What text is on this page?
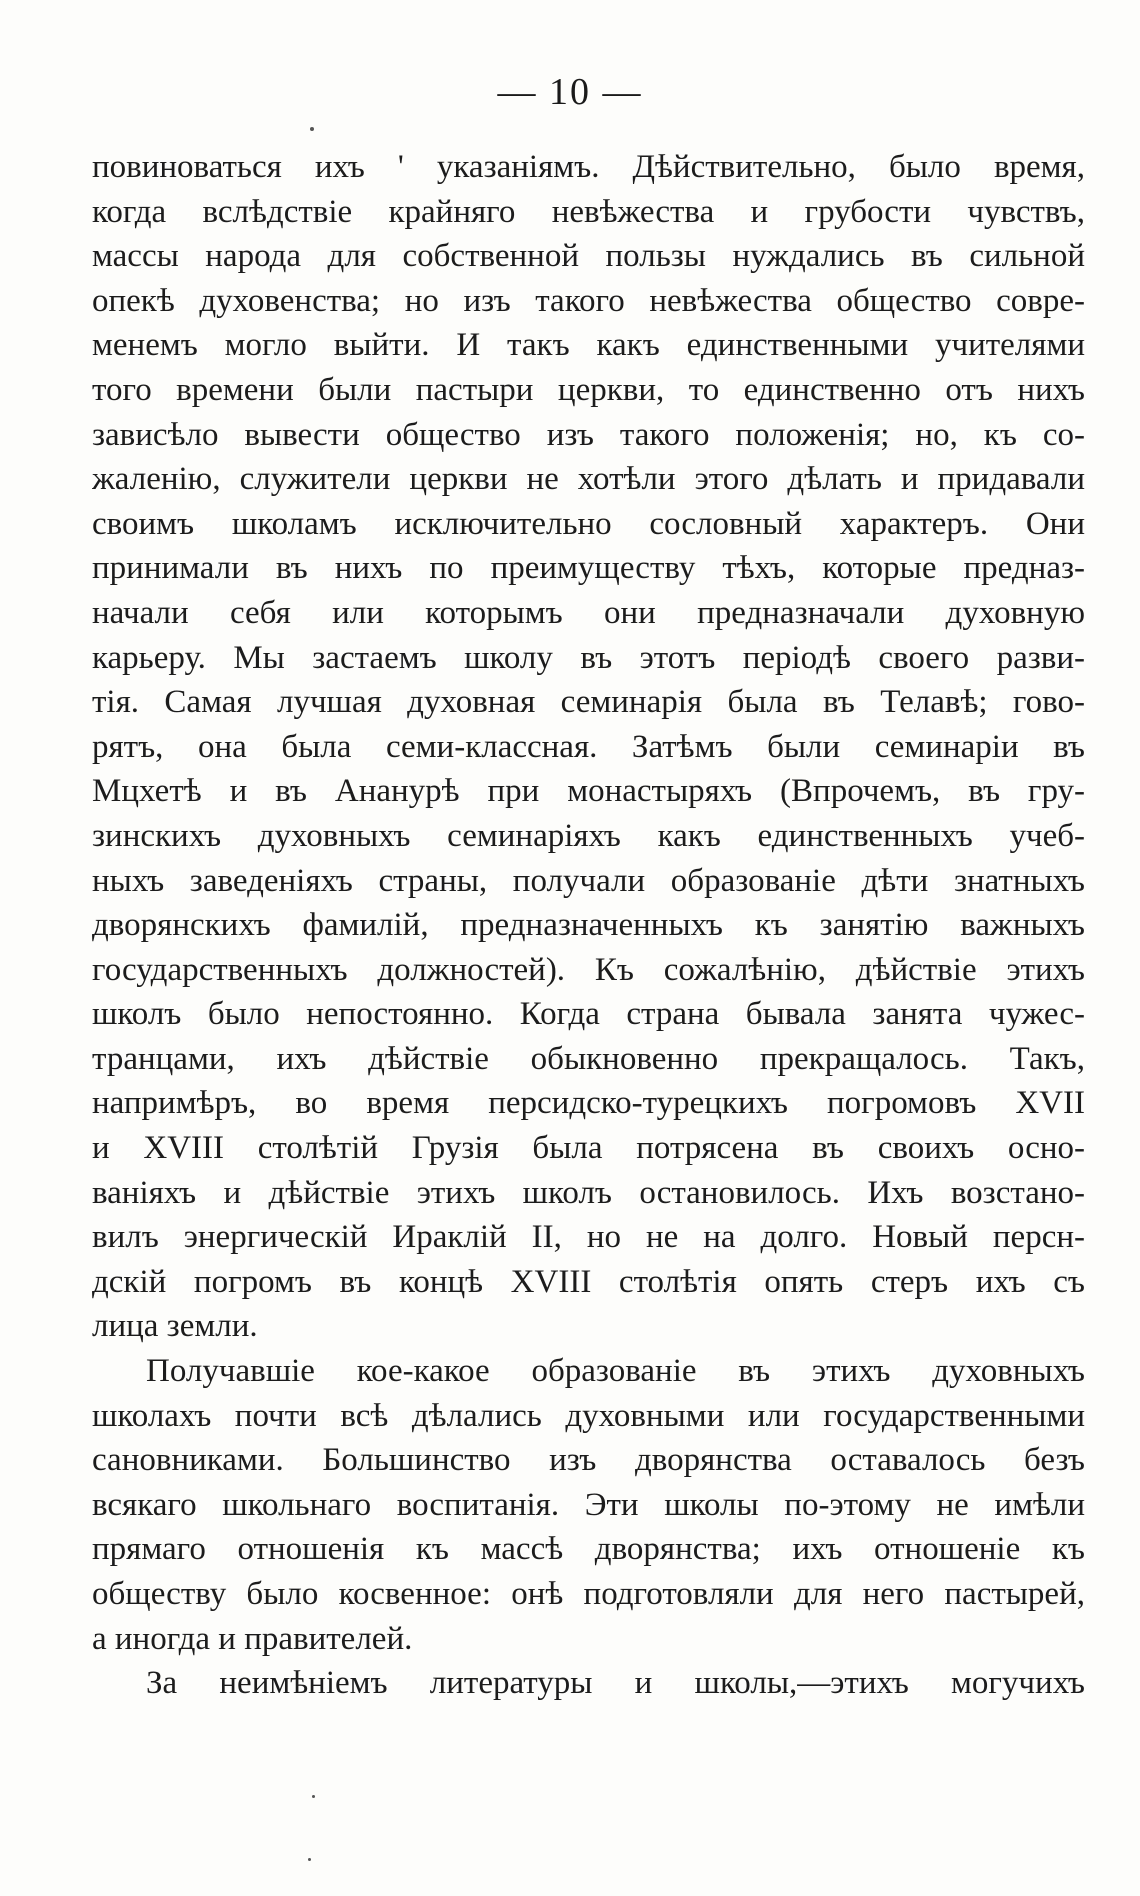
— 10 —
повиноваться ихъ ' указаніямъ. Дѣйствительно, было время,
когда вслѣдствіе крайняго невѣжества и грубости чувствъ,
массы народа для собственной пользы нуждались въ сильной
опекѣ духовенства; но изъ такого невѣжества общество совре-
менемъ могло выйти. И такъ какъ единственными учителями
того времени были пастыри церкви, то единственно отъ нихъ
зависѣло вывести общество изъ такого положенія; но, къ со-
жаленію, служители церкви не хотѣли этого дѣлать и придавали
своимъ школамъ исключительно сословный характеръ. Они
принимали въ нихъ по преимуществу тѣхъ, которые предназ-
начали себя или которымъ они предназначали духовную
карьеру. Мы застаемъ школу въ этотъ періодѣ своего разви-
тія. Самая лучшая духовная семинарія была въ Телавѣ; гово-
рятъ, она была семи-классная. Затѣмъ были семинаріи въ
Мцхетѣ и въ Ананурѣ при монастыряхъ (Впрочемъ, въ гру-
зинскихъ духовныхъ семинаріяхъ какъ единственныхъ учеб-
ныхъ заведеніяхъ страны, получали образованіе дѣти знатныхъ
дворянскихъ фамилій, предназначенныхъ къ занятію важныхъ
государственныхъ должностей). Къ сожалѣнію, дѣйствіе этихъ
школъ было непостоянно. Когда страна бывала занята чужес-
транцами, ихъ дѣйствіе обыкновенно прекращалось. Такъ,
напримѣръ, во время персидско-турецкихъ погромовъ XVII
и XVIII столѣтій Грузія была потрясена въ своихъ осно-
ваніяхъ и дѣйствіе этихъ школъ остановилось. Ихъ возстано-
вилъ энергическій Ираклій II, но не на долго. Новый персн-
дскій погромъ въ концѣ XVIII столѣтія опять стеръ ихъ съ
лица земли.
Получавшіе кое-какое образованіе въ этихъ духовныхъ
школахъ почти всѣ дѣлались духовными или государственными
сановниками. Большинство изъ дворянства оставалось безъ
всякаго школьнаго воспитанія. Эти школы по-этому не имѣли
прямаго отношенія къ массѣ дворянства; ихъ отношеніе къ
обществу было косвенное: онѣ подготовляли для него пастырей,
а иногда и правителей.
За неимѣніемъ литературы и школы,—этихъ могучихъ
